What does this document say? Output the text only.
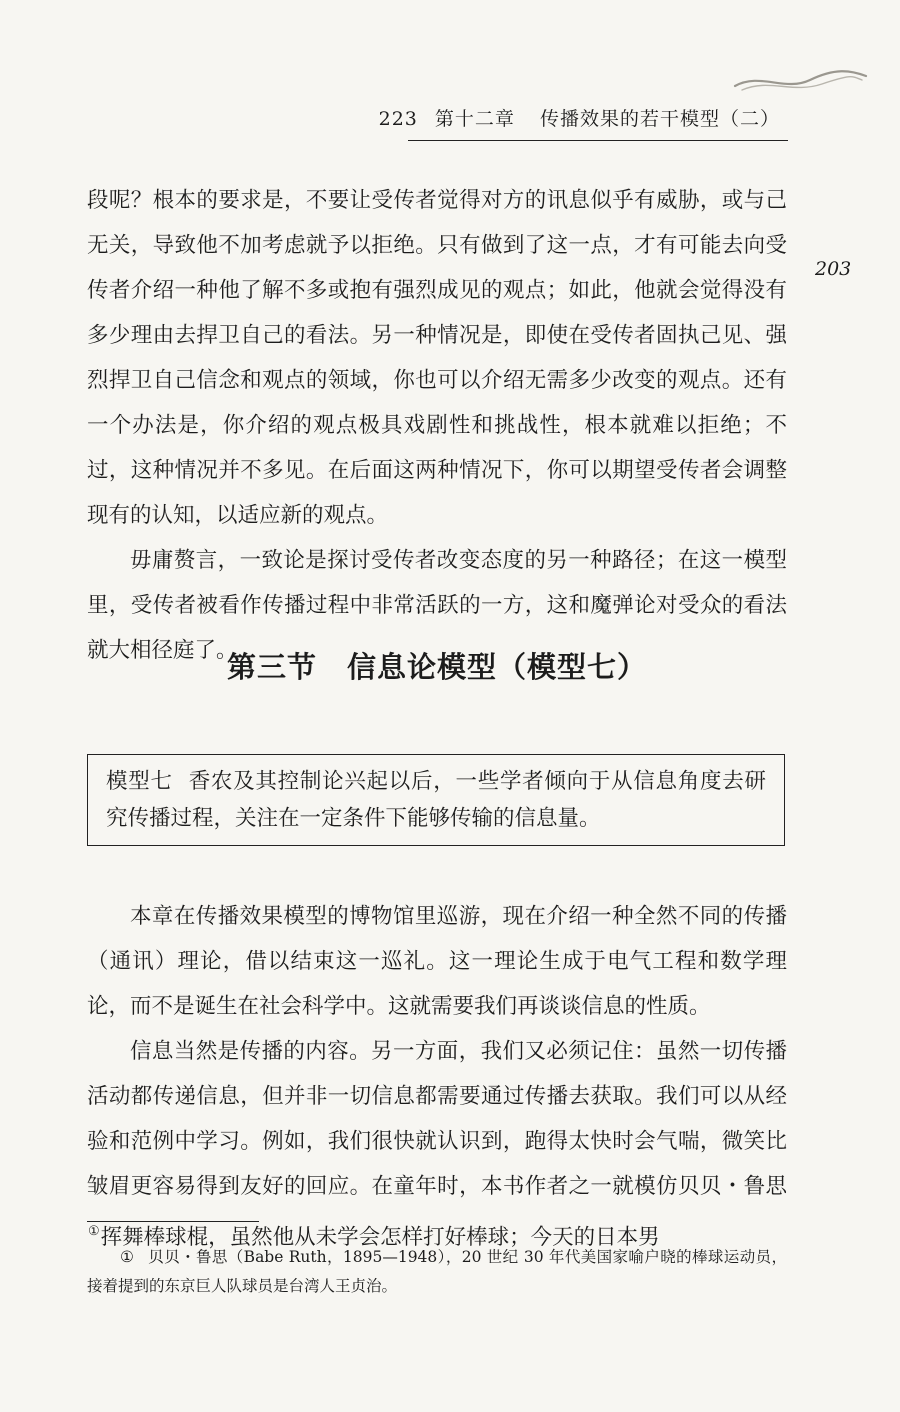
223 第十二章 传播效果的若干模型（二）
203

段呢？根本的要求是，不要让受传者觉得对方的讯息似乎有威胁，或与己无关，导致他不加考虑就予以拒绝。只有做到了这一点，才有可能去向受传者介绍一种他了解不多或抱有强烈成见的观点；如此，他就会觉得没有多少理由去捍卫自己的看法。另一种情况是，即使在受传者固执己见、强烈捍卫自己信念和观点的领域，你也可以介绍无需多少改变的观点。还有一个办法是，你介绍的观点极具戏剧性和挑战性，根本就难以拒绝；不过，这种情况并不多见。在后面这两种情况下，你可以期望受传者会调整现有的认知，以适应新的观点。

毋庸赘言，一致论是探讨受传者改变态度的另一种路径；在这一模型里，受传者被看作传播过程中非常活跃的一方，这和魔弹论对受众的看法就大相径庭了。

第三节 信息论模型（模型七）
模型七 香农及其控制论兴起以后，一些学者倾向于从信息角度去研究传播过程，关注在一定条件下能够传输的信息量。

本章在传播效果模型的博物馆里巡游，现在介绍一种全然不同的传播（通讯）理论，借以结束这一巡礼。这一理论生成于电气工程和数学理论，而不是诞生在社会科学中。这就需要我们再谈谈信息的性质。

信息当然是传播的内容。另一方面，我们又必须记住：虽然一切传播活动都传递信息，但并非一切信息都需要通过传播去获取。我们可以从经验和范例中学习。例如，我们很快就认识到，跑得太快时会气喘，微笑比皱眉更容易得到友好的回应。在童年时，本书作者之一就模仿贝贝・鲁思①挥舞棒球棍，虽然他从未学会怎样打好棒球；今天的日本男

① 贝贝・鲁思（Babe Ruth，1895—1948），20 世纪 30 年代美国家喻户晓的棒球运动员，接着提到的东京巨人队球员是台湾人王贞治。
